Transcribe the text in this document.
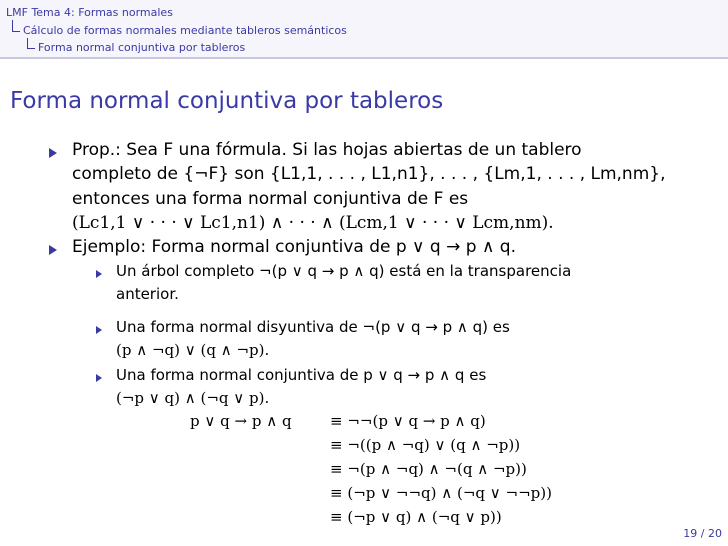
LMF Tema 4: Formas normales
Cálculo de formas normales mediante tableros semánticos
Forma normal conjuntiva por tableros
Forma normal conjuntiva por tableros
Prop.: Sea F una fórmula. Si las hojas abiertas de un tablero
completo de {¬F} son {L1,1, . . . , L1,n1}, . . . , {Lm,1, . . . , Lm,nm},
entonces una forma normal conjuntiva de F es
(Lc1,1 ∨ · · · ∨ Lc1,n1) ∧ · · · ∧ (Lcm,1 ∨ · · · ∨ Lcm,nm).
Ejemplo: Forma normal conjuntiva de p ∨ q → p ∧ q.
Un árbol completo ¬(p ∨ q → p ∧ q) está en la transparencia
anterior.
Una forma normal disyuntiva de ¬(p ∨ q → p ∧ q) es
(p ∧ ¬q) ∨ (q ∧ ¬p).
Una forma normal conjuntiva de p ∨ q → p ∧ q es
(¬p ∨ q) ∧ (¬q ∨ p).
p ∨ q → p ∧ q	≡ ¬¬(p ∨ q → p ∧ q)
≡ ¬((p ∧ ¬q) ∨ (q ∧ ¬p))
≡ ¬(p ∧ ¬q) ∧ ¬(q ∧ ¬p))
≡ (¬p ∨ ¬¬q) ∧ (¬q ∨ ¬¬p))
≡ (¬p ∨ q) ∧ (¬q ∨ p))
19 / 20
